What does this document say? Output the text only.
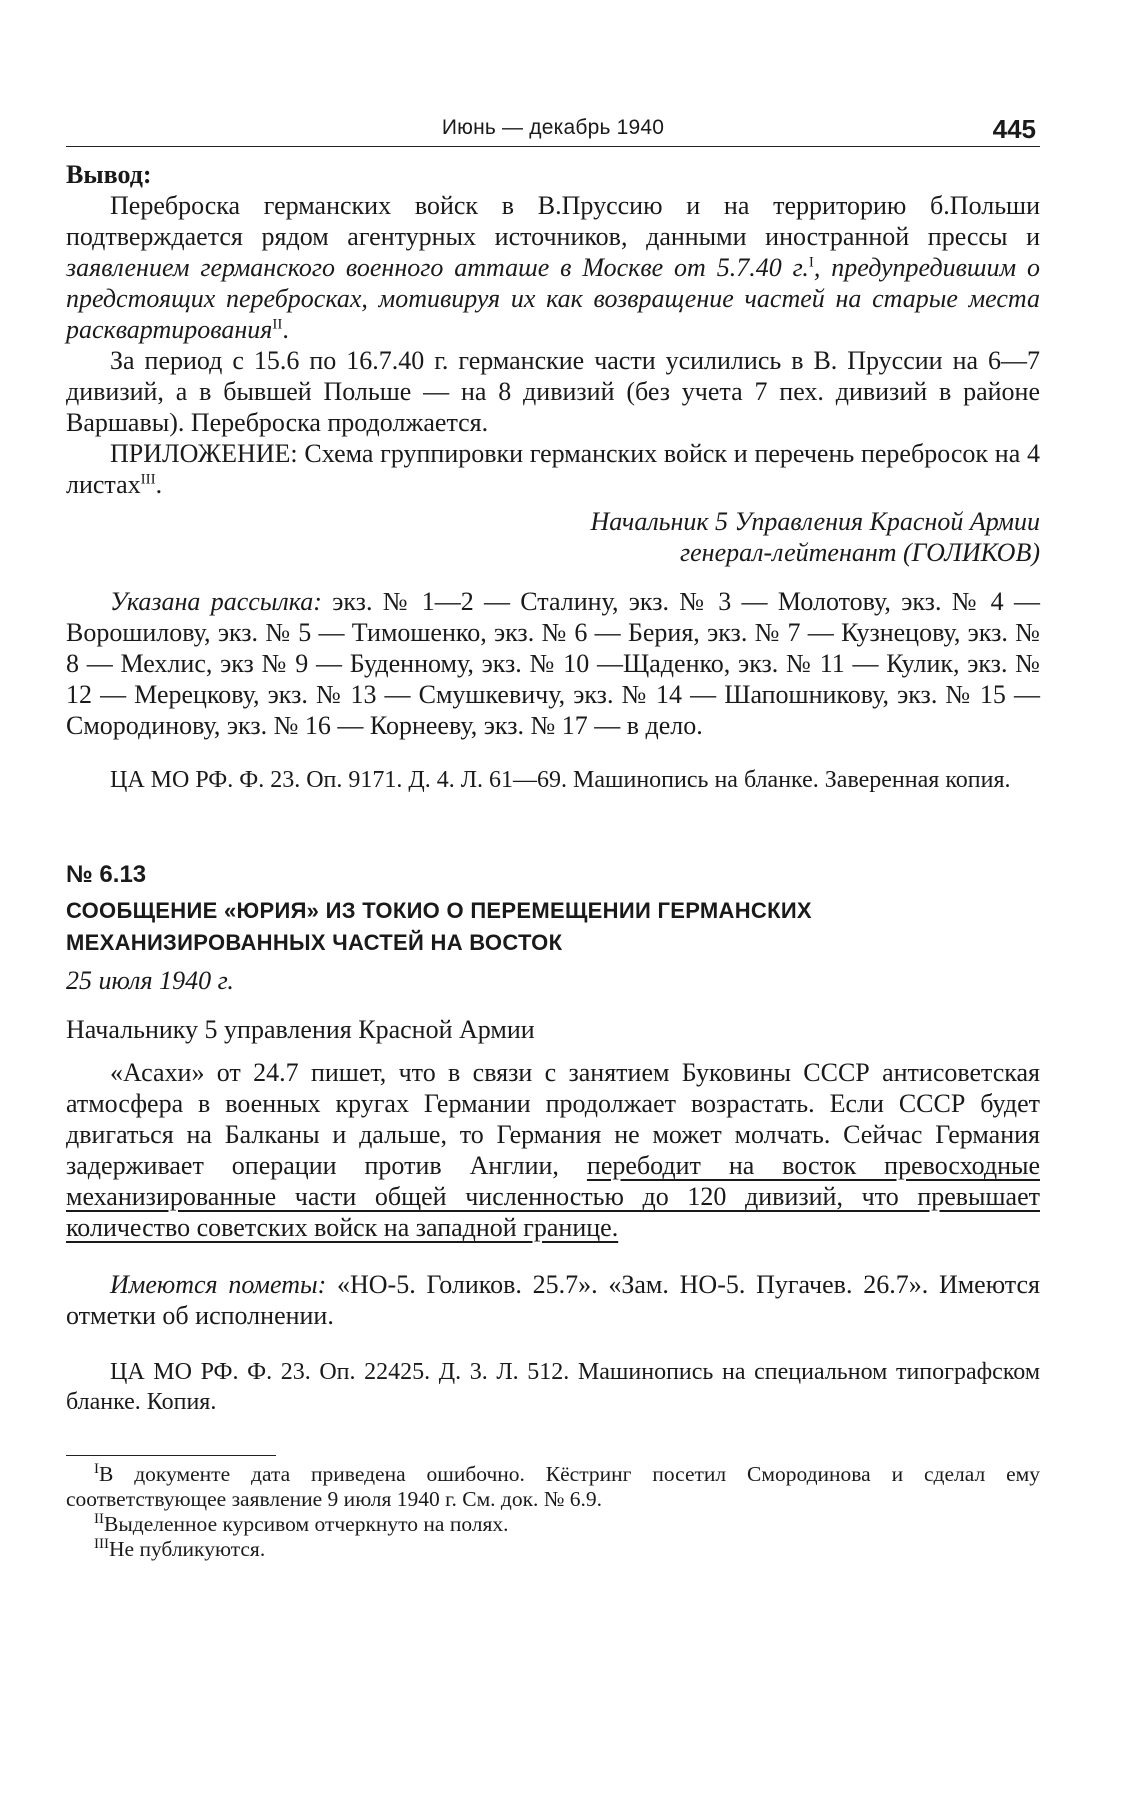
Июнь — декабрь 1940	445

Вывод:

Переброска германских войск в В.Пруссию и на территорию б.Польши подтверждается рядом агентурных источников, данными иностранной прессы и заявлением германского военного атташе в Москве от 5.7.40 г.$^I$, предупредившим о предстоящих перебросках, мотивируя их как возвращение частей на старые места расквартирования$^{II}$.

За период с 15.6 по 16.7.40 г. германские части усилились в В. Пруссии на 6—7 дивизий, а в бывшей Польше — на 8 дивизий (без учета 7 пех. дивизий в районе Варшавы). Переброска продолжается.

ПРИЛОЖЕНИЕ: Схема группировки германских войск и перечень перебросок на 4 листах$^{III}$.

Начальник 5 Управления Красной Армии

генерал-лейтенант (ГОЛИКОВ)

Указана рассылка: экз. № 1—2 — Сталину, экз. № 3 — Молотову, экз. № 4 — Ворошилову, экз. № 5 — Тимошенко, экз. № 6 — Берия, экз. № 7 — Кузнецову, экз. № 8 — Мехлис, экз № 9 — Буденному, экз. № 10 —Щаденко, экз. № 11 — Кулик, экз. № 12 — Мерецкову, экз. № 13 — Смушкевичу, экз. № 14 — Шапошникову, экз. № 15 — Смородинову, экз. № 16 — Корнееву, экз. № 17 — в дело.

ЦА МО РФ. Ф. 23. Оп. 9171. Д. 4. Л. 61—69. Машинопись на бланке. Заверенная копия.

№ 6.13

СООБЩЕНИЕ «ЮРИЯ» ИЗ ТОКИО О ПЕРЕМЕЩЕНИИ ГЕРМАНСКИХ

МЕХАНИЗИРОВАННЫХ ЧАСТЕЙ НА ВОСТОК

25 июля 1940 г.

Начальнику 5 управления Красной Армии

«Асахи» от 24.7 пишет, что в связи с занятием Буковины СССР антисоветская атмосфера в военных кругах Германии продолжает возрастать. Если СССР будет двигаться на Балканы и дальше, то Германия не может молчать. Сейчас Германия задерживает операции против Англии, перебодит на восток превосходные механизированные части общей численностью до 120 дивизий, что превышает количество советских войск на западной границе.

Имеются пометы: «НО-5. Голиков. 25.7». «Зам. НО-5. Пугачев. 26.7». Имеются отметки об исполнении.

ЦА МО РФ. Ф. 23. Оп. 22425. Д. 3. Л. 512. Машинопись на специальном типографском бланке. Копия.

$^I$В документе дата приведена ошибочно. Кёстринг посетил Смородинова и сделал ему соответствующее заявление 9 июля 1940 г. См. док. № 6.9.

$^{II}$Выделенное курсивом отчеркнуто на полях.

$^{III}$Не публикуются.
